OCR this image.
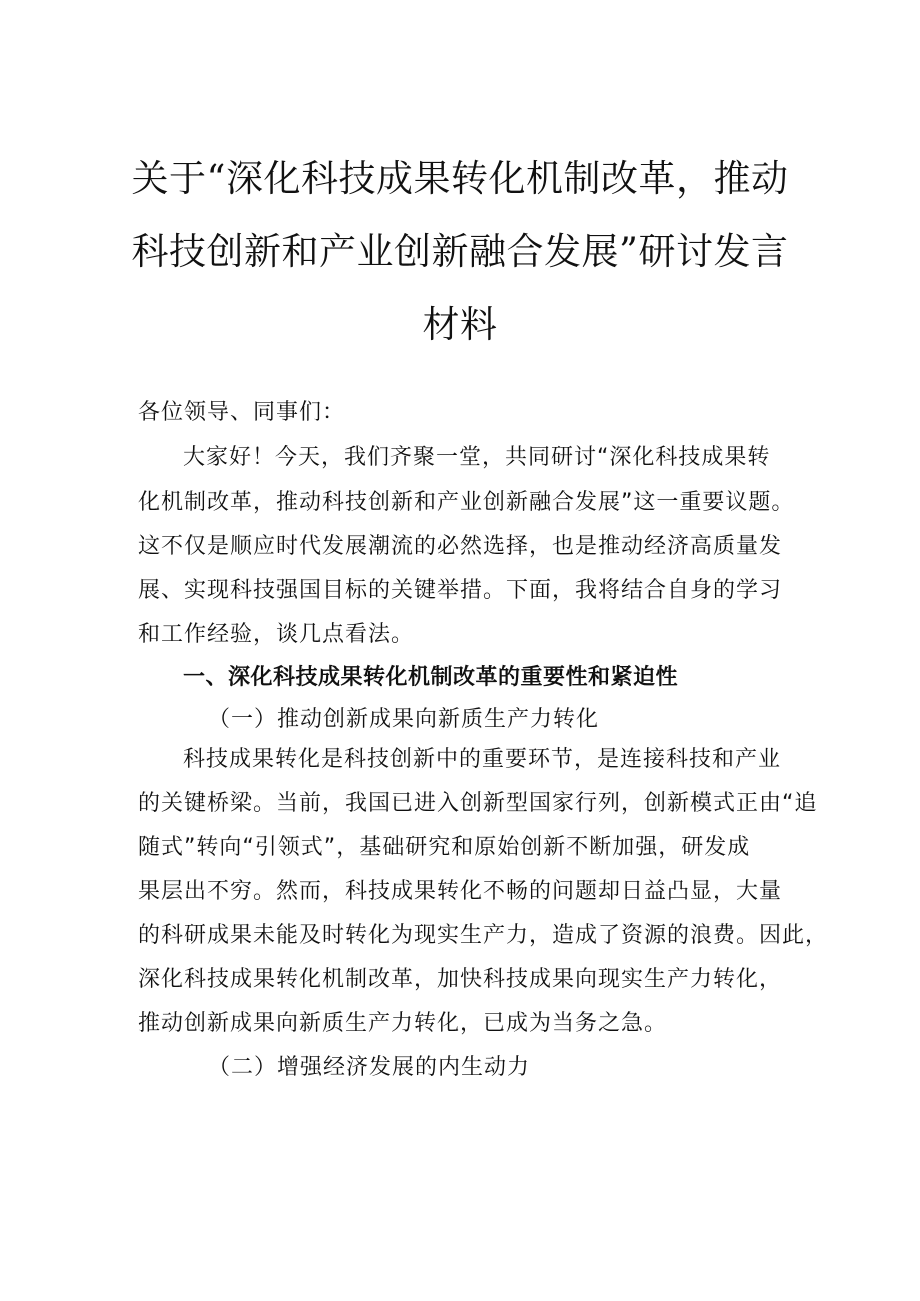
关于“深化科技成果转化机制改革，推动
科技创新和产业创新融合发展”研讨发言
材料
各位领导、同事们：
大家好！今天，我们齐聚一堂，共同研讨“深化科技成果转
化机制改革，推动科技创新和产业创新融合发展”这一重要议题。
这不仅是顺应时代发展潮流的必然选择，也是推动经济高质量发
展、实现科技强国目标的关键举措。下面，我将结合自身的学习
和工作经验，谈几点看法。
一、深化科技成果转化机制改革的重要性和紧迫性
（一）推动创新成果向新质生产力转化
科技成果转化是科技创新中的重要环节，是连接科技和产业
的关键桥梁。当前，我国已进入创新型国家行列，创新模式正由“追
随式”转向“引领式”，基础研究和原始创新不断加强，研发成
果层出不穷。然而，科技成果转化不畅的问题却日益凸显，大量
的科研成果未能及时转化为现实生产力，造成了资源的浪费。因此，
深化科技成果转化机制改革，加快科技成果向现实生产力转化，
推动创新成果向新质生产力转化，已成为当务之急。
（二）增强经济发展的内生动力
